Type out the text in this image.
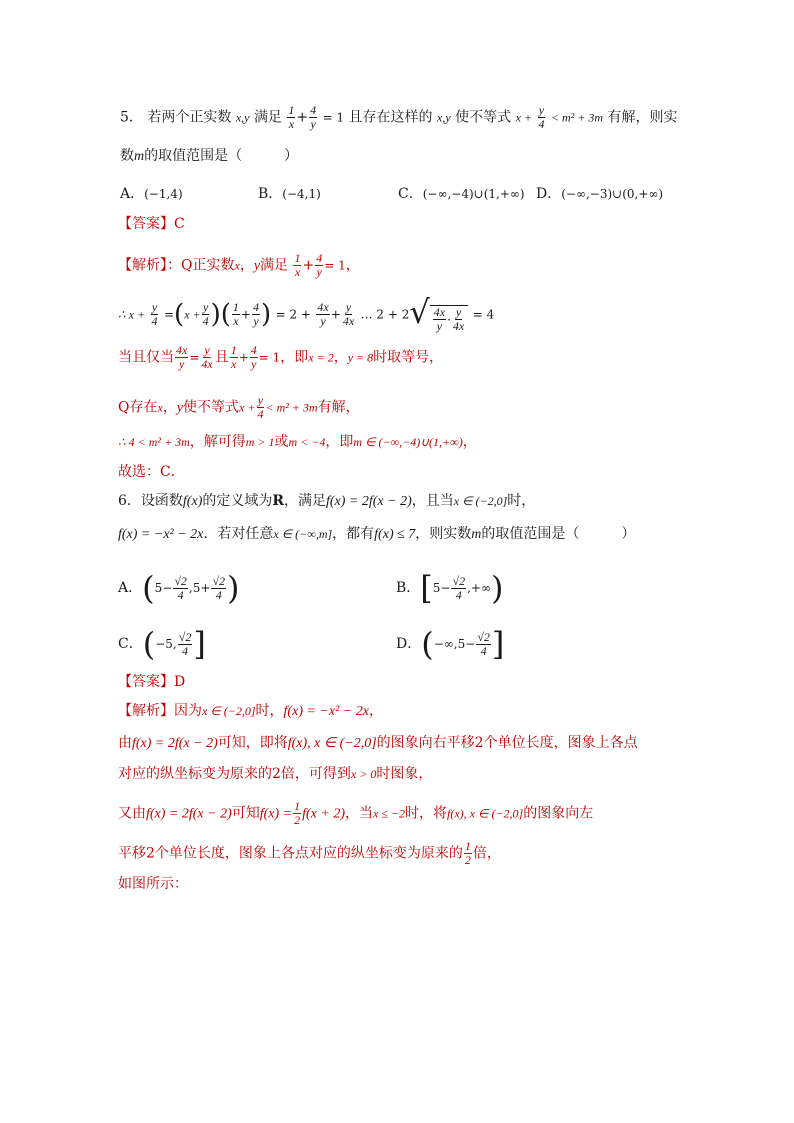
5． 若两个正实数 x,y 满足 $\frac{1}{x} + \frac{4}{y} = 1$ 且存在这样的 x,y 使不等式 $x + \frac{y}{4} < m^2 + 3m$ 有解，则实
数m的取值范围是（　　　）
A．(−1,4)	B．(−4,1)	C．(−∞,−4)∪(1,+∞) D．(−∞,−3)∪(0,+∞)
【答案】C
【解析】：Q正实数x，y满足 $\frac{1}{x} + \frac{4}{y} = 1$，
∴ $x + \frac{y}{4} =(x + \frac{y}{4}$ )( $\frac{1}{x} + \frac{4}{y}$ ) = $2 + \frac{4x}{y} + \frac{y}{4x}$ … $2 + 2√ \frac{4x}{y} \cdot \frac{y}{4x} = 4$
当且仅当 $\frac{4x}{y} = \frac{y}{4x}$ 且 $\frac{1}{x} + \frac{4}{y} = 1$，即x = 2，y = 8时取等号，
Q存在x，y使不等式$x + \frac{y}{4} < m^2 + 3m$有解，
∴ 4 < m² + 3m，解可得m > 1或m < −4，即m ∈ (−∞,−4)∪(1,+∞)，
故选：C．
6．设函数f(x)的定义域为R，满足f(x) = 2f(x − 2)，且当x ∈ (−2,0]时，
f(x) = −x² − 2x．若对任意x ∈ (−∞,m]，都有f(x) ≤ 7，则实数m的取值范围是（　　　）
A．($5- \frac{√2}{4} ,5+ \frac{√2}{4}$ )	B．[$5- \frac{√2}{4}$ ,+∞)
C．(−5, $\frac{√2}{4}$ ]	D．($-\infty,5- \frac{√2}{4}$ ]
【答案】D
【解析】因为x ∈ (−2,0]时，f(x) = −x² − 2x，
由f(x) = 2f(x − 2)可知，即将f(x), x ∈ (−2,0]的图象向右平移2个单位长度，图象上各点
对应的纵坐标变为原来的2倍，可得到x > 0时图象，
又由f(x) = 2f(x − 2)可知$f(x) = \frac{1}{2} f(x + 2)$，当x ≤ −2时，将f(x), x ∈ (−2,0]的图象向左
平移2个单位长度，图象上各点对应的纵坐标变为原来的 $\frac{1}{2}$ 倍，
如图所示：
